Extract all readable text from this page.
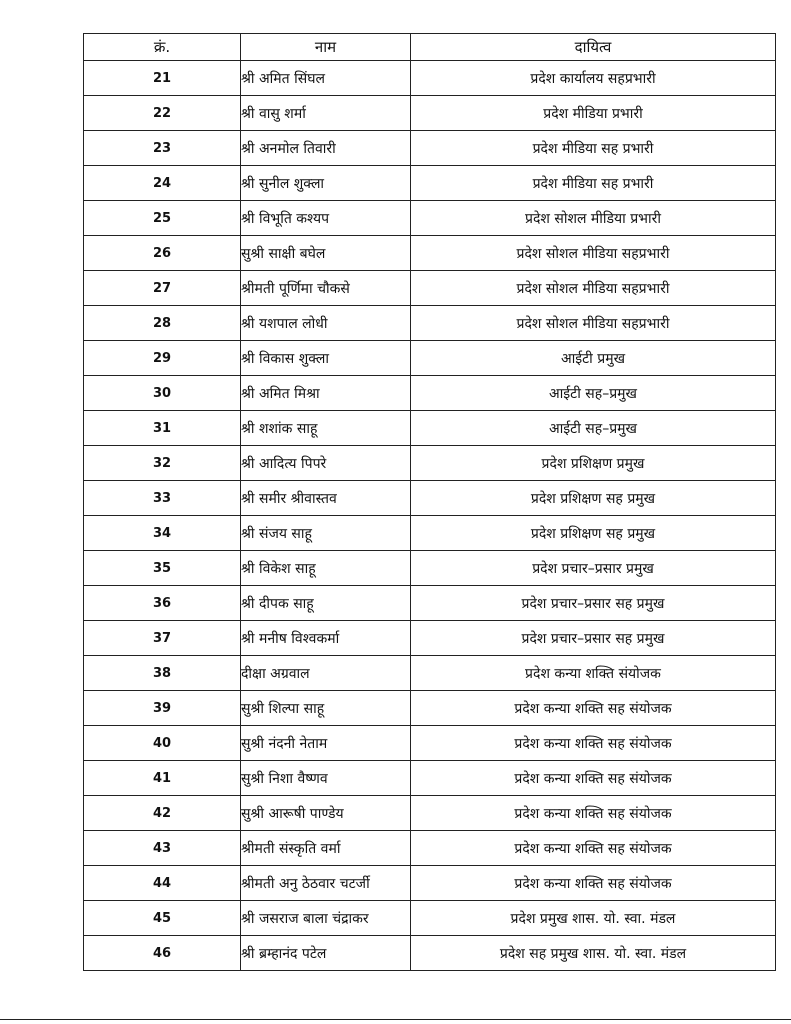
क्रं.	नाम	दायित्व
21	श्री अमित सिंघल	प्रदेश कार्यालय सहप्रभारी
22	श्री वासु शर्मा	प्रदेश मीडिया प्रभारी
23	श्री अनमोल तिवारी	प्रदेश मीडिया सह प्रभारी
24	श्री सुनील शुक्ला	प्रदेश मीडिया सह प्रभारी
25	श्री विभूति कश्यप	प्रदेश सोशल मीडिया प्रभारी
26	सुश्री साक्षी बघेल	प्रदेश सोशल मीडिया सहप्रभारी
27	श्रीमती पूर्णिमा चौकसे	प्रदेश सोशल मीडिया सहप्रभारी
28	श्री यशपाल लोधी	प्रदेश सोशल मीडिया सहप्रभारी
29	श्री विकास शुक्ला	आईटी प्रमुख
30	श्री अमित मिश्रा	आईटी सह–प्रमुख
31	श्री शशांक साहू	आईटी सह–प्रमुख
32	श्री आदित्य पिपरे	प्रदेश प्रशिक्षण प्रमुख
33	श्री समीर श्रीवास्तव	प्रदेश प्रशिक्षण सह प्रमुख
34	श्री संजय साहू	प्रदेश प्रशिक्षण सह प्रमुख
35	श्री विकेश साहू	प्रदेश प्रचार–प्रसार प्रमुख
36	श्री दीपक साहू	प्रदेश प्रचार–प्रसार सह प्रमुख
37	श्री मनीष विश्वकर्मा	प्रदेश प्रचार–प्रसार सह प्रमुख
38	दीक्षा अग्रवाल	प्रदेश कन्या शक्ति संयोजक
39	सुश्री शिल्पा साहू	प्रदेश कन्या शक्ति सह संयोजक
40	सुश्री नंदनी नेताम	प्रदेश कन्या शक्ति सह संयोजक
41	सुश्री निशा वैष्णव	प्रदेश कन्या शक्ति सह संयोजक
42	सुश्री आरूषी पाण्डेय	प्रदेश कन्या शक्ति सह संयोजक
43	श्रीमती संस्कृति वर्मा	प्रदेश कन्या शक्ति सह संयोजक
44	श्रीमती अनु ठेठवार चटर्जी	प्रदेश कन्या शक्ति सह संयोजक
45	श्री जसराज बाला चंद्राकर	प्रदेश प्रमुख शास. यो. स्वा. मंडल
46	श्री ब्रम्हानंद पटेल	प्रदेश सह प्रमुख शास. यो. स्वा. मंडल
